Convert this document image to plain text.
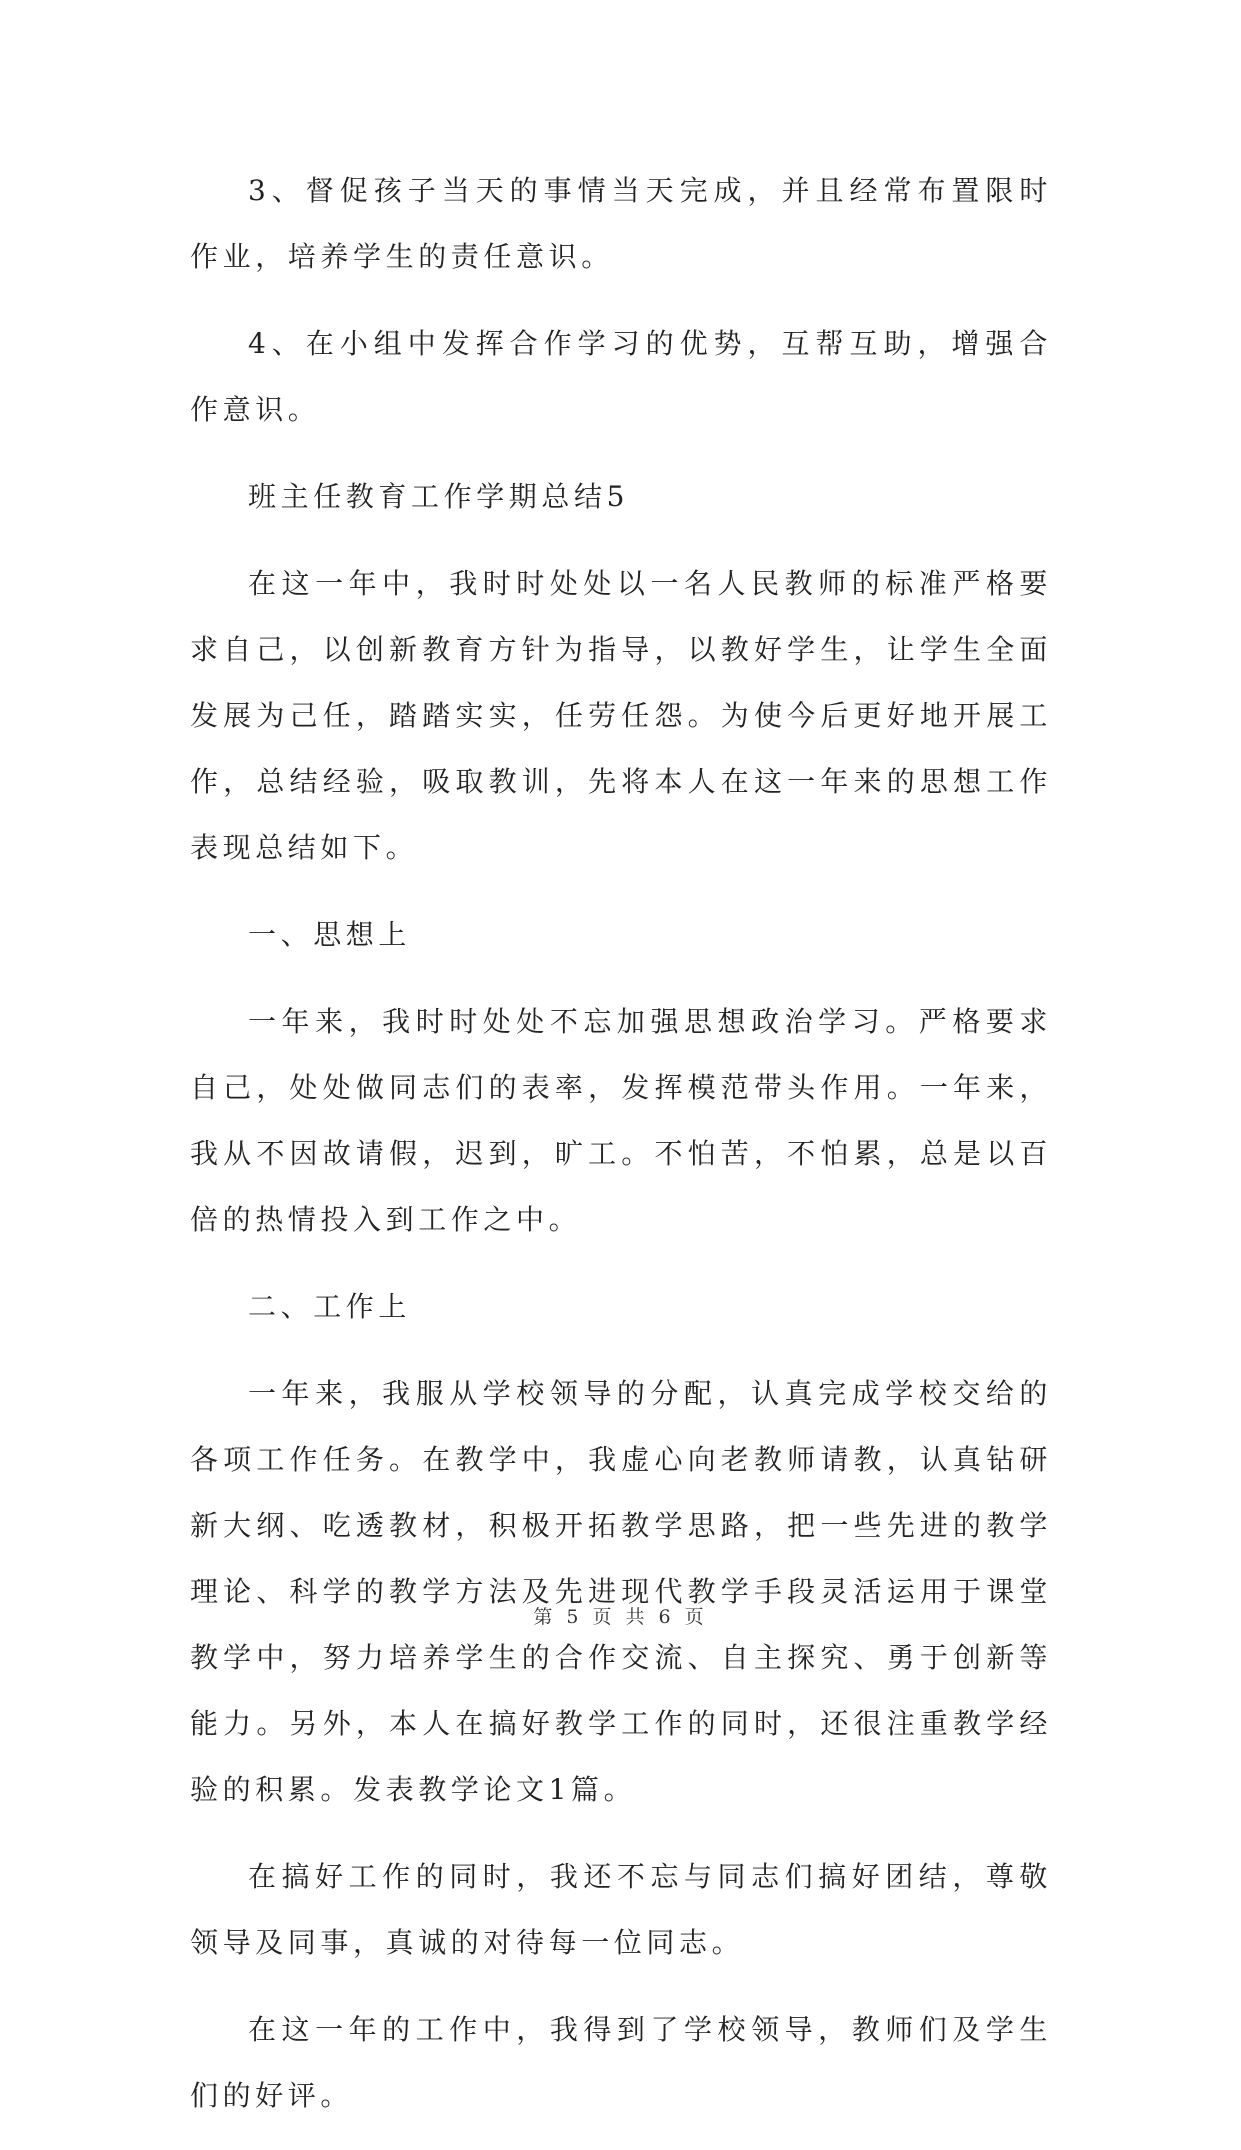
3、督促孩子当天的事情当天完成，并且经常布置限时作业，培养学生的责任意识。

4、在小组中发挥合作学习的优势，互帮互助，增强合作意识。

班主任教育工作学期总结5

在这一年中，我时时处处以一名人民教师的标准严格要求自己，以创新教育方针为指导，以教好学生，让学生全面发展为己任，踏踏实实，任劳任怨。为使今后更好地开展工作，总结经验，吸取教训，先将本人在这一年来的思想工作表现总结如下。

一、思想上

一年来，我时时处处不忘加强思想政治学习。严格要求自己，处处做同志们的表率，发挥模范带头作用。一年来，我从不因故请假，迟到，旷工。不怕苦，不怕累，总是以百倍的热情投入到工作之中。

二、工作上

一年来，我服从学校领导的分配，认真完成学校交给的各项工作任务。在教学中，我虚心向老教师请教，认真钻研新大纲、吃透教材，积极开拓教学思路，把一些先进的教学理论、科学的教学方法及先进现代教学手段灵活运用于课堂教学中，努力培养学生的合作交流、自主探究、勇于创新等能力。另外，本人在搞好教学工作的同时，还很注重教学经验的积累。发表教学论文1篇。

在搞好工作的同时，我还不忘与同志们搞好团结，尊敬领导及同事，真诚的对待每一位同志。

在这一年的工作中，我得到了学校领导，教师们及学生们的好评。

第 5 页 共 6 页
